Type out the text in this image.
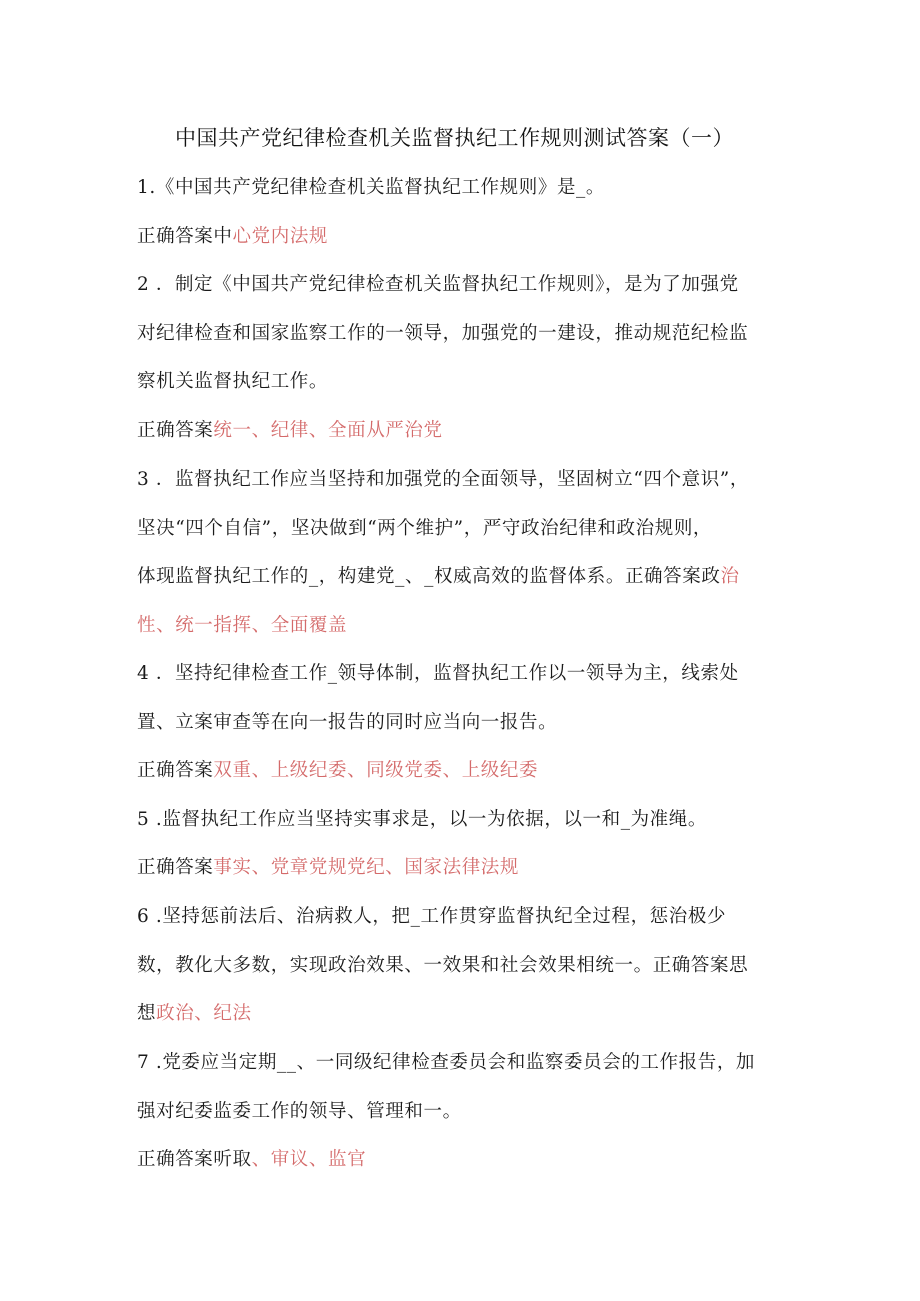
中国共产党纪律检查机关监督执纪工作规则测试答案（一）
1.《中国共产党纪律检查机关监督执纪工作规则》是_。
正确答案中心党内法规
2 ．制定《中国共产党纪律检查机关监督执纪工作规则》，是为了加强党
对纪律检查和国家监察工作的一领导，加强党的一建设，推动规范纪检监
察机关监督执纪工作。
正确答案统一、纪律、全面从严治党
3 ．监督执纪工作应当坚持和加强党的全面领导，坚固树立“四个意识”，
坚决“四个自信”，坚决做到“两个维护”，严守政治纪律和政治规则，
体现监督执纪工作的_，构建党_、_权威高效的监督体系。正确答案政治
性、统一指挥、全面覆盖
4 ．坚持纪律检查工作_领导体制，监督执纪工作以一领导为主，线索处
置、立案审查等在向一报告的同时应当向一报告。
正确答案双重、上级纪委、同级党委、上级纪委
5 .监督执纪工作应当坚持实事求是，以一为依据，以一和_为准绳。
正确答案事实、党章党规党纪、国家法律法规
6 .坚持惩前法后、治病救人，把_工作贯穿监督执纪全过程，惩治极少
数，教化大多数，实现政治效果、一效果和社会效果相统一。正确答案思
想政治、纪法
7 .党委应当定期__、一同级纪律检查委员会和监察委员会的工作报告，加
强对纪委监委工作的领导、管理和一。
正确答案听取、审议、监官
